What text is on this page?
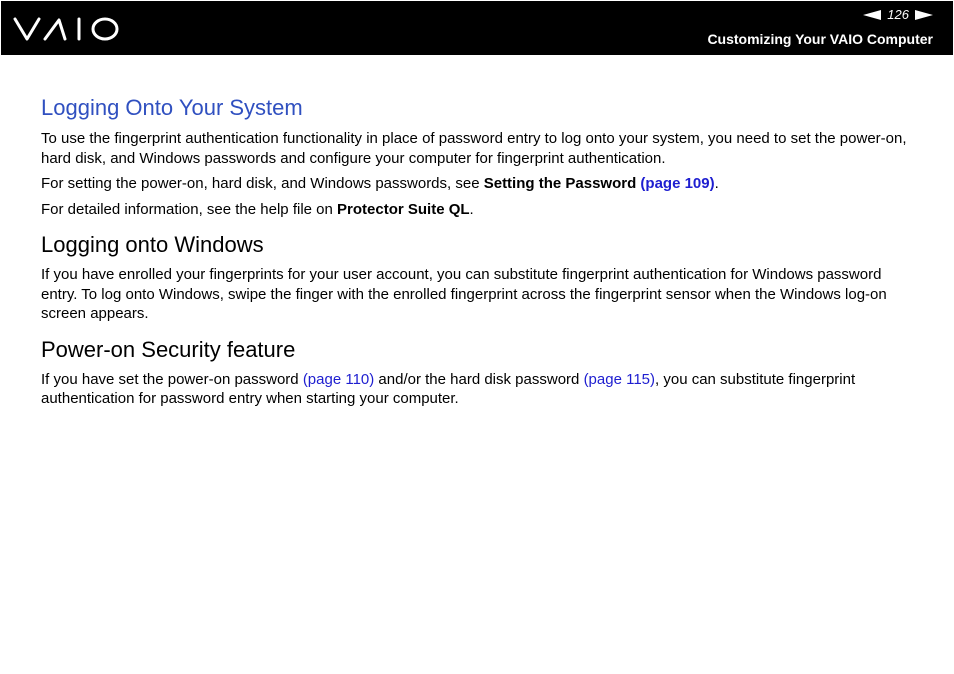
126
Customizing Your VAIO Computer
Logging Onto Your System

To use the fingerprint authentication functionality in place of password entry to log onto your system, you need to set the power-on, hard disk, and Windows passwords and configure your computer for fingerprint authentication.

For setting the power-on, hard disk, and Windows passwords, see Setting the Password (page 109).

For detailed information, see the help file on Protector Suite QL.

Logging onto Windows

If you have enrolled your fingerprints for your user account, you can substitute fingerprint authentication for Windows password entry. To log onto Windows, swipe the finger with the enrolled fingerprint across the fingerprint sensor when the Windows log-on screen appears.

Power-on Security feature

If you have set the power-on password (page 110) and/or the hard disk password (page 115), you can substitute fingerprint authentication for password entry when starting your computer.
